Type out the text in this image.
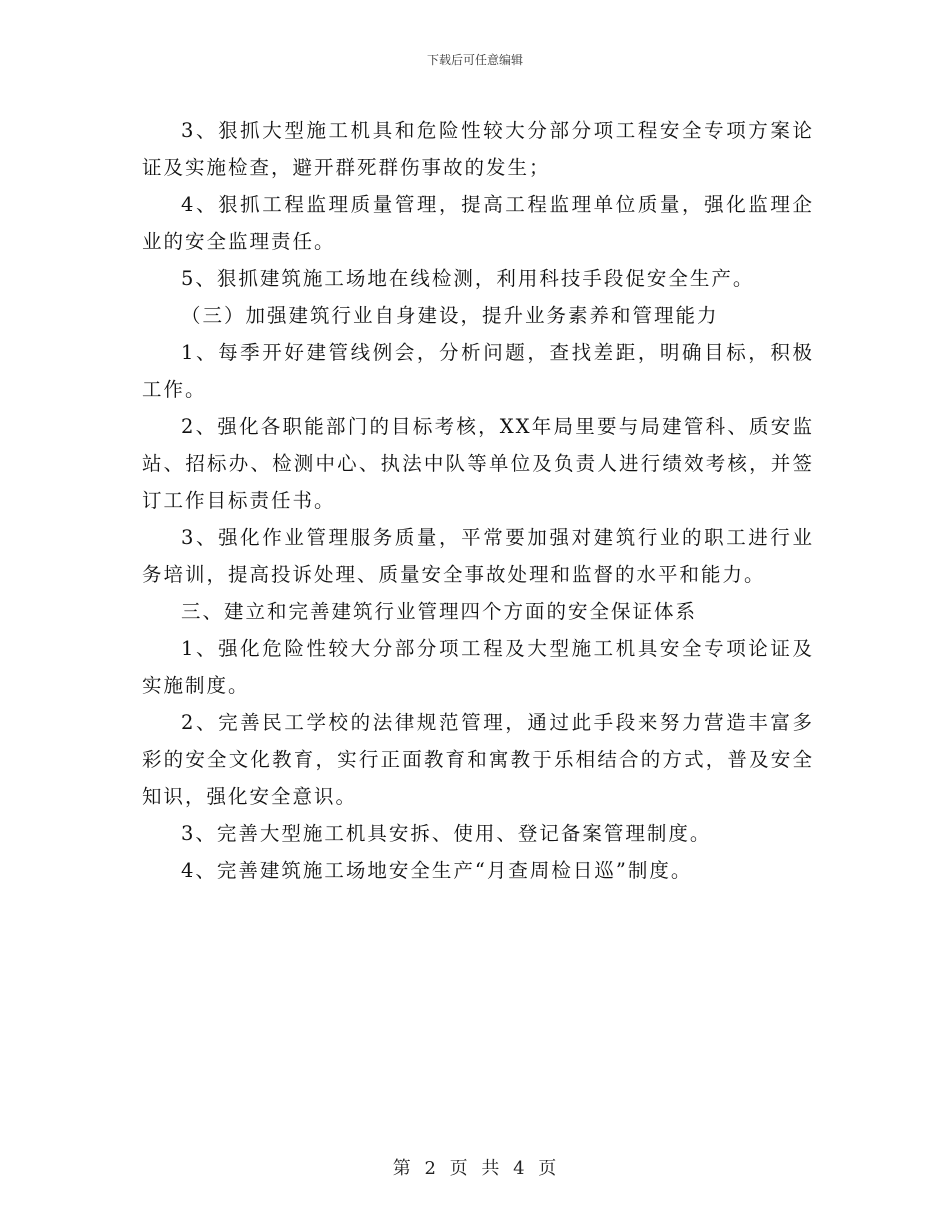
下载后可任意编辑

3、狠抓大型施工机具和危险性较大分部分项工程安全专项方案论证及实施检查，避开群死群伤事故的发生；

4、狠抓工程监理质量管理，提高工程监理单位质量，强化监理企业的安全监理责任。

5、狠抓建筑施工场地在线检测，利用科技手段促安全生产。

（三）加强建筑行业自身建设，提升业务素养和管理能力

1、每季开好建管线例会，分析问题，查找差距，明确目标，积极工作。

2、强化各职能部门的目标考核，XX年局里要与局建管科、质安监站、招标办、检测中心、执法中队等单位及负责人进行绩效考核，并签订工作目标责任书。

3、强化作业管理服务质量，平常要加强对建筑行业的职工进行业务培训，提高投诉处理、质量安全事故处理和监督的水平和能力。

三、建立和完善建筑行业管理四个方面的安全保证体系

1、强化危险性较大分部分项工程及大型施工机具安全专项论证及实施制度。

2、完善民工学校的法律规范管理，通过此手段来努力营造丰富多彩的安全文化教育，实行正面教育和寓教于乐相结合的方式，普及安全知识，强化安全意识。

3、完善大型施工机具安拆、使用、登记备案管理制度。

4、完善建筑施工场地安全生产“月查周检日巡”制度。

第 2 页 共 4 页
